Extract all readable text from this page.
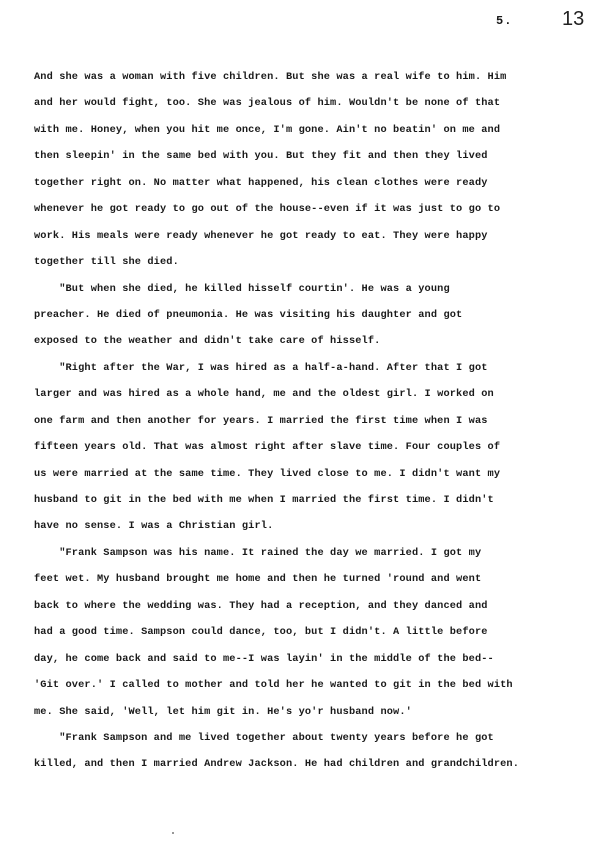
5. 13
And she was a woman with five children. But she was a real wife to him. Him
and her would fight, too. She was jealous of him. Wouldn't be none of that
with me. Honey, when you hit me once, I'm gone. Ain't no beatin' on me and
then sleepin' in the same bed with you. But they fit and then they lived
together right on. No matter what happened, his clean clothes were ready
whenever he got ready to go out of the house--even if it was just to go to
work. His meals were ready whenever he got ready to eat. They were happy
together till she died.
"But when she died, he killed hisself courtin'. He was a young
preacher. He died of pneumonia. He was visiting his daughter and got
exposed to the weather and didn't take care of hisself.
"Right after the War, I was hired as a half-a-hand. After that I got
larger and was hired as a whole hand, me and the oldest girl. I worked on
one farm and then another for years. I married the first time when I was
fifteen years old. That was almost right after slave time. Four couples of
us were married at the same time. They lived close to me. I didn't want my
husband to git in the bed with me when I married the first time. I didn't
have no sense. I was a Christian girl.
"Frank Sampson was his name. It rained the day we married. I got my
feet wet. My husband brought me home and then he turned 'round and went
back to where the wedding was. They had a reception, and they danced and
had a good time. Sampson could dance, too, but I didn't. A little before
day, he come back and said to me--I was layin' in the middle of the bed--
'Git over.' I called to mother and told her he wanted to git in the bed with
me. She said, 'Well, let him git in. He's yo'r husband now.'
"Frank Sampson and me lived together about twenty years before he got
killed, and then I married Andrew Jackson. He had children and grandchildren.
